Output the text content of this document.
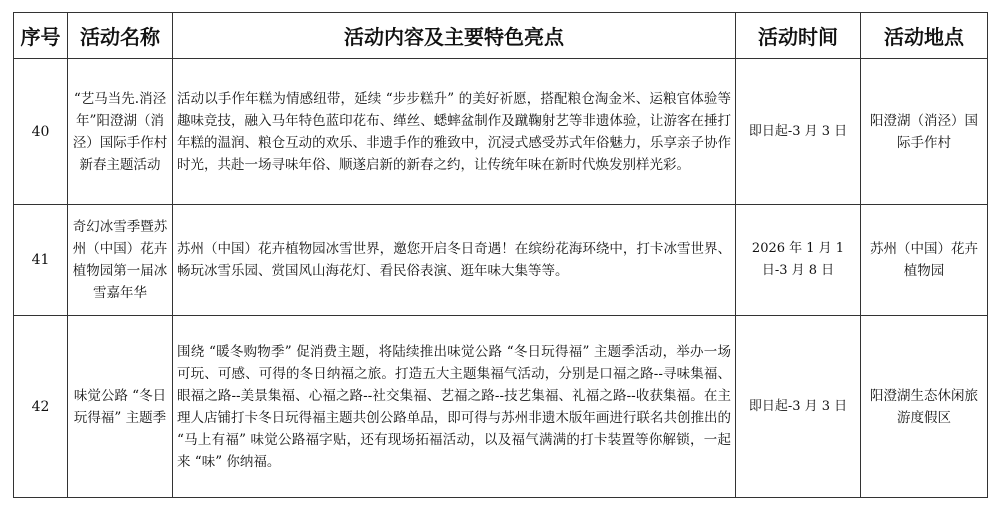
序号	活动名称	活动内容及主要特色亮点	活动时间	活动地点
40	“艺马当先.消泾年”阳澄湖（消泾）国际手作村新春主题活动	活动以手作年糕为情感纽带，延续 “步步糕升” 的美好祈愿，搭配粮仓淘金米、运粮官体验等趣味竞技，融入马年特色蓝印花布、缂丝、蟋蟀盆制作及蹴鞠射艺等非遗体验，让游客在捶打年糕的温润、粮仓互动的欢乐、非遗手作的雅致中，沉浸式感受苏式年俗魅力，乐享亲子协作时光，共赴一场寻味年俗、顺遂启新的新春之约，让传统年味在新时代焕发别样光彩。	即日起-3 月 3 日	阳澄湖（消泾）国际手作村
41	奇幻冰雪季暨苏州（中国）花卉植物园第一届冰雪嘉年华	苏州（中国）花卉植物园冰雪世界，邀您开启冬日奇遇！在缤纷花海环绕中，打卡冰雪世界、畅玩冰雪乐园、赏国风山海花灯、看民俗表演、逛年味大集等等。	2026 年 1 月 1 日-3 月 8 日	苏州（中国）花卉植物园
42	味觉公路 “冬日玩得福” 主题季	围绕 “暖冬购物季” 促消费主题，将陆续推出味觉公路 “冬日玩得福” 主题季活动，举办一场可玩、可感、可得的冬日纳福之旅。打造五大主题集福气活动，分别是口福之路--寻味集福、眼福之路--美景集福、心福之路--社交集福、艺福之路--技艺集福、礼福之路--收获集福。在主理人店铺打卡冬日玩得福主题共创公路单品，即可得与苏州非遗木版年画进行联名共创推出的 “马上有福” 味觉公路福字贴，还有现场拓福活动，以及福气满满的打卡装置等你解锁，一起来 “味” 你纳福。	即日起-3 月 3 日	阳澄湖生态休闲旅游度假区
